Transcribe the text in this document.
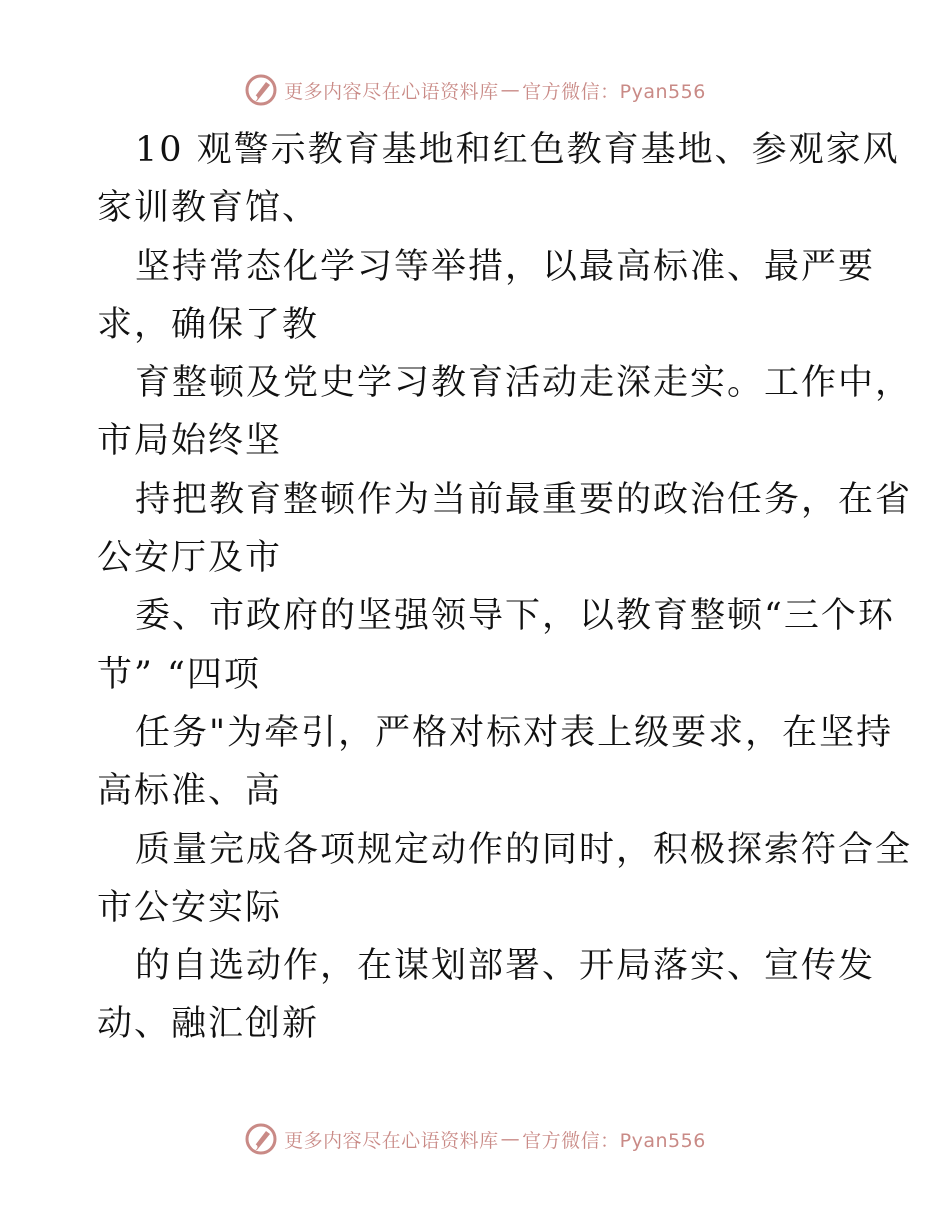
更多内容尽在心语资料库 — 官方微信：Pyan556
10 观警示教育基地和红色教育基地、参观家风
家训教育馆、
坚持常态化学习等举措，以最高标准、最严要
求，确保了教
育整顿及党史学习教育活动走深走实。工作中，
市局始终坚
持把教育整顿作为当前最重要的政治任务，在省
公安厅及市
委、市政府的坚强领导下，以教育整顿“三个环
节” “四项
任务"为牵引，严格对标对表上级要求，在坚持
高标准、高
质量完成各项规定动作的同时，积极探索符合全
市公安实际
的自选动作，在谋划部署、开局落实、宣传发
动、融汇创新
更多内容尽在心语资料库 — 官方微信：Pyan556
